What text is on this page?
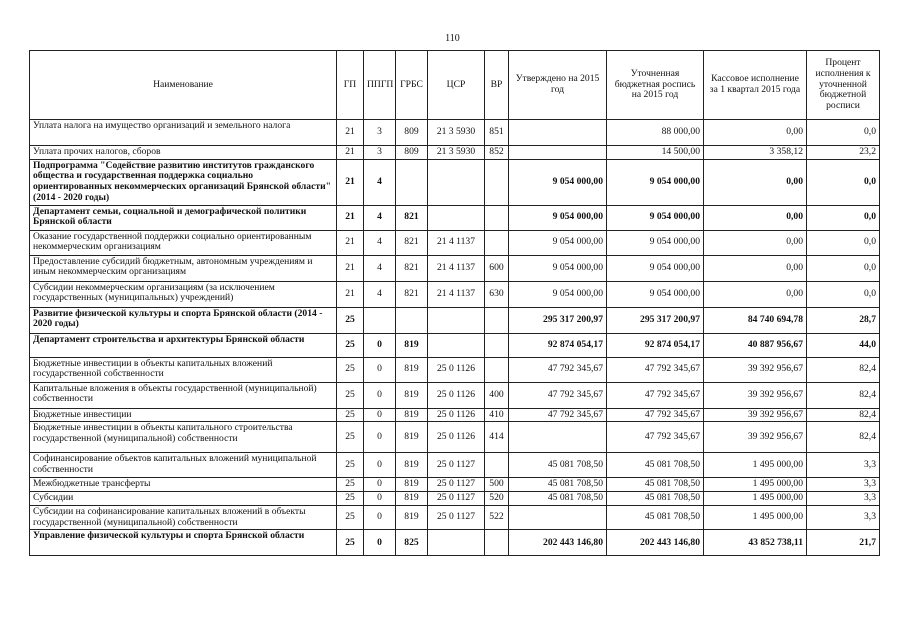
110
Наименование	ГП	ППГП	ГРБС	ЦСР	ВР	Утверждено на 2015 год	Уточненная бюджетная роспись на 2015 год	Кассовое исполнение за 1 квартал 2015 года	Процент исполнения к уточненной бюджетной росписи
Уплата налога на имущество организаций и земельного налога	21	3	809	21 3 5930	851		88 000,00	0,00	0,0
Уплата прочих налогов, сборов	21	3	809	21 3 5930	852		14 500,00	3 358,12	23,2
Подпрограмма "Содействие развитию институтов гражданского общества и государственная поддержка социально ориентированных некоммерческих организаций Брянской области" (2014 - 2020 годы)	21	4				9 054 000,00	9 054 000,00	0,00	0,0
Департамент семьи, социальной и демографической политики Брянской области	21	4	821			9 054 000,00	9 054 000,00	0,00	0,0
Оказание государственной поддержки социально ориентированным некоммерческим организациям	21	4	821	21 4 1137		9 054 000,00	9 054 000,00	0,00	0,0
Предоставление субсидий бюджетным, автономным учреждениям и иным некоммерческим организациям	21	4	821	21 4 1137	600	9 054 000,00	9 054 000,00	0,00	0,0
Субсидии некоммерческим организациям (за исключением государственных (муниципальных) учреждений)	21	4	821	21 4 1137	630	9 054 000,00	9 054 000,00	0,00	0,0
Развитие физической культуры и спорта Брянской области (2014 - 2020 годы)	25					295 317 200,97	295 317 200,97	84 740 694,78	28,7
Департамент строительства и архитектуры Брянской области	25	0	819			92 874 054,17	92 874 054,17	40 887 956,67	44,0
Бюджетные инвестиции в объекты капитальных вложений государственной собственности	25	0	819	25 0 1126		47 792 345,67	47 792 345,67	39 392 956,67	82,4
Капитальные вложения в объекты государственной (муниципальной) собственности	25	0	819	25 0 1126	400	47 792 345,67	47 792 345,67	39 392 956,67	82,4
Бюджетные инвестиции	25	0	819	25 0 1126	410	47 792 345,67	47 792 345,67	39 392 956,67	82,4
Бюджетные инвестиции в объекты капитального строительства государственной (муниципальной) собственности	25	0	819	25 0 1126	414		47 792 345,67	39 392 956,67	82,4
Софинансирование объектов капитальных вложений муниципальной собственности	25	0	819	25 0 1127		45 081 708,50	45 081 708,50	1 495 000,00	3,3
Межбюджетные трансферты	25	0	819	25 0 1127	500	45 081 708,50	45 081 708,50	1 495 000,00	3,3
Субсидии	25	0	819	25 0 1127	520	45 081 708,50	45 081 708,50	1 495 000,00	3,3
Субсидии на софинансирование капитальных вложений в объекты государственной (муниципальной) собственности	25	0	819	25 0 1127	522		45 081 708,50	1 495 000,00	3,3
Управление физической культуры и спорта Брянской области	25	0	825			202 443 146,80	202 443 146,80	43 852 738,11	21,7
